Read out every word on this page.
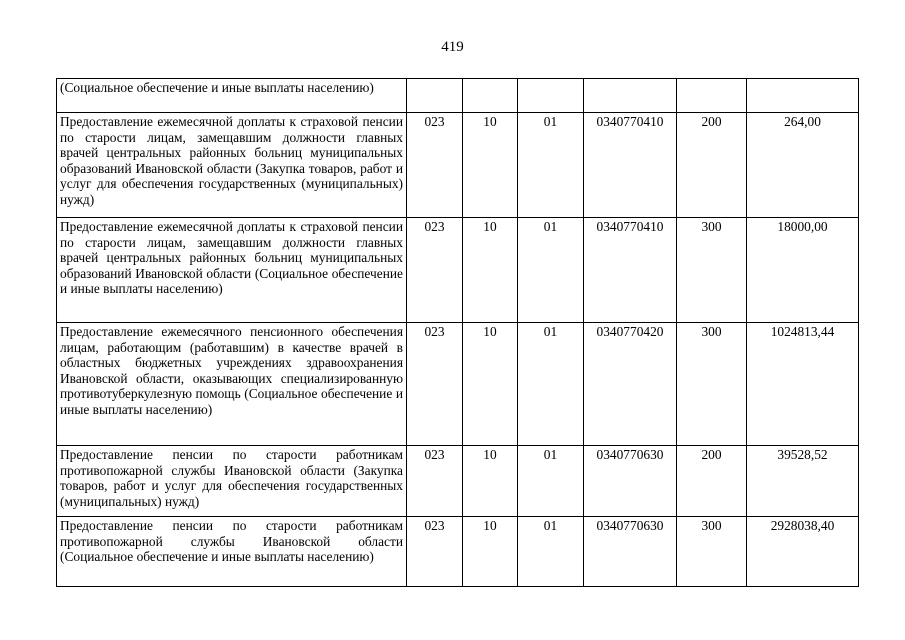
419
(Социальное обеспечение и иные выплаты населению)						
Предоставление ежемесячной доплаты к страховой пенсии по старости лицам, замещавшим должности главных врачей центральных районных больниц муниципальных образований Ивановской области (Закупка товаров, работ и услуг для обеспечения государственных (муниципальных) нужд)	023	10	01	0340770410	200	264,00
Предоставление ежемесячной доплаты к страховой пенсии по старости лицам, замещавшим должности главных врачей центральных районных больниц муниципальных образований Ивановской области (Социальное обеспечение и иные выплаты населению)	023	10	01	0340770410	300	18000,00
Предоставление ежемесячного пенсионного обеспечения лицам, работающим (работавшим) в качестве врачей в областных бюджетных учреждениях здравоохранения Ивановской области, оказывающих специализированную противотуберкулезную помощь (Социальное обеспечение и иные выплаты населению)	023	10	01	0340770420	300	1024813,44
Предоставление пенсии по старости работникам противопожарной службы Ивановской области (Закупка товаров, работ и услуг для обеспечения государственных (муниципальных) нужд)	023	10	01	0340770630	200	39528,52
Предоставление пенсии по старости работникам противопожарной службы Ивановской области (Социальное обеспечение и иные выплаты населению)	023	10	01	0340770630	300	2928038,40
